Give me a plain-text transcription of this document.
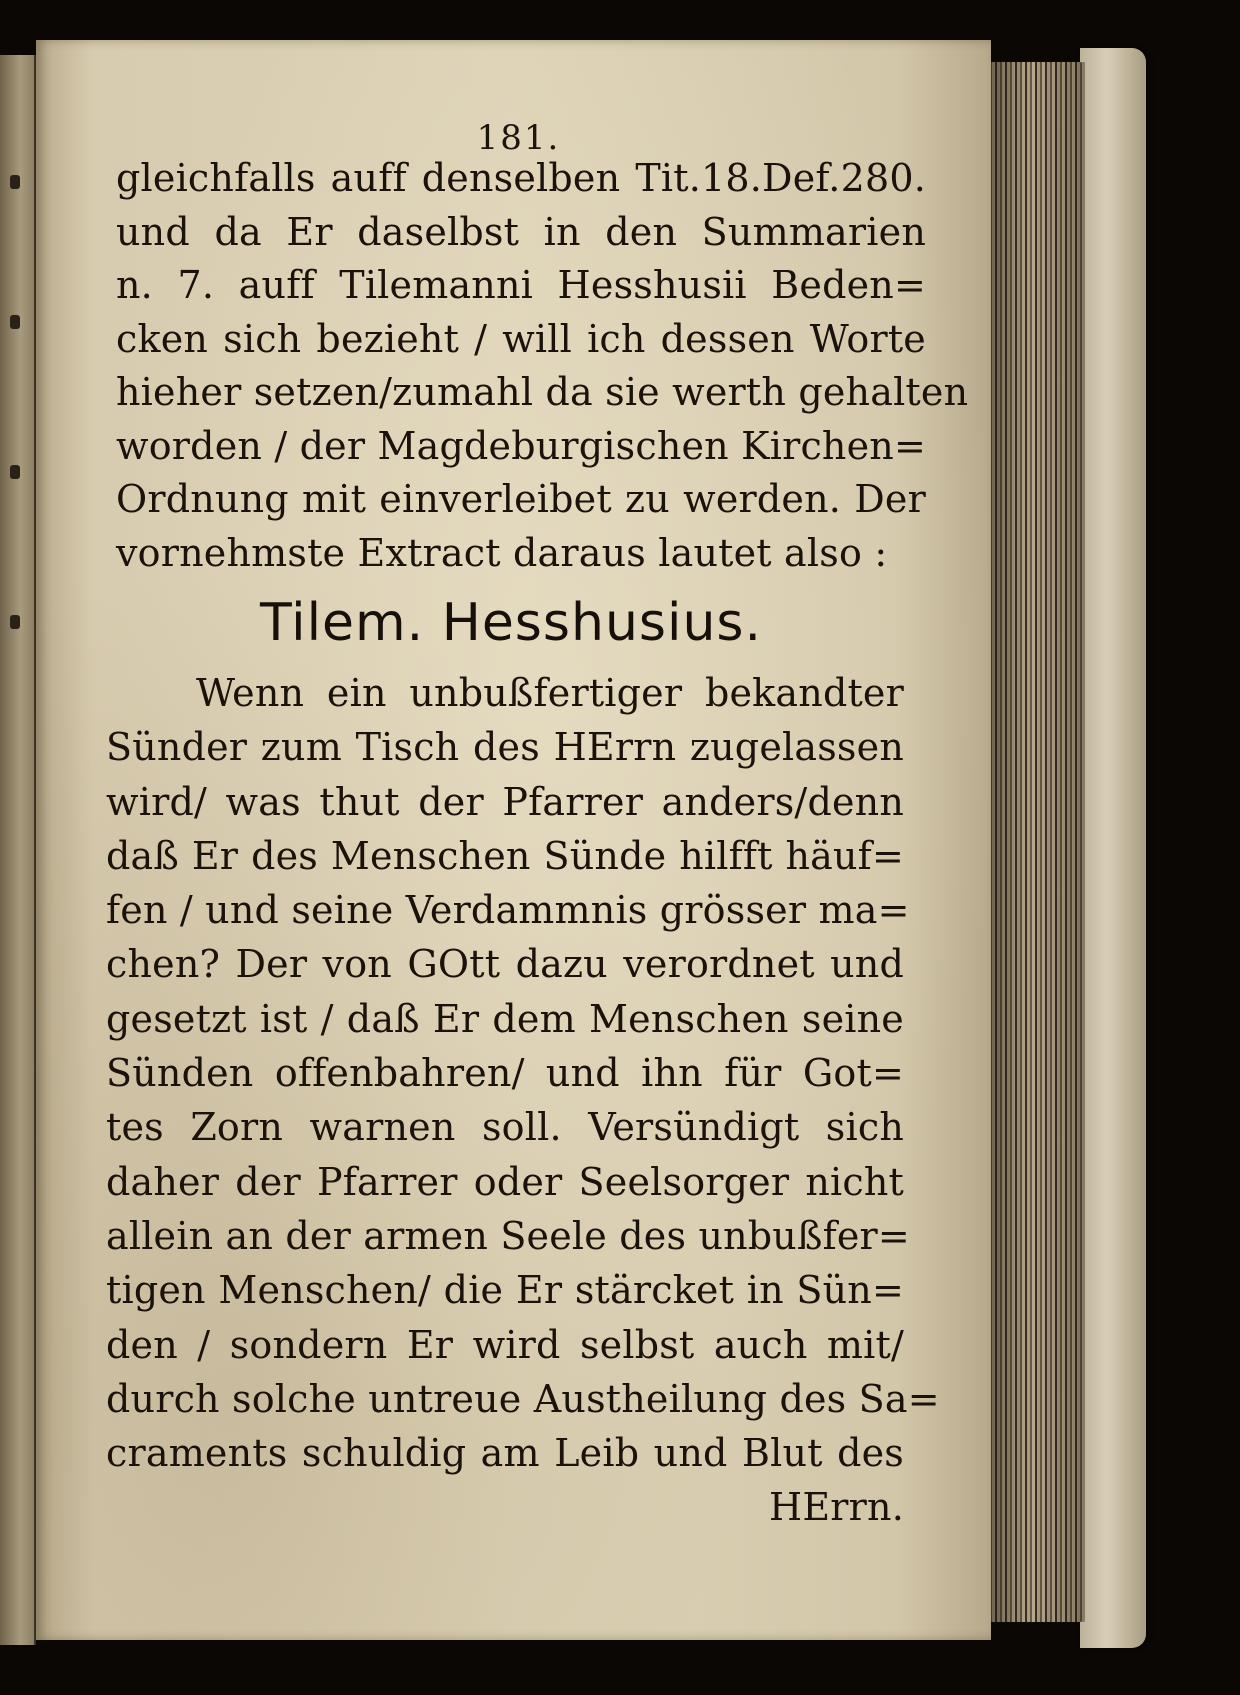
181.
gleichfalls auff denselben Tit.18.Def.280.
und da Er daselbst in den Summarien
n. 7. auff Tilemanni Hesshusii Beden=
cken sich bezieht / will ich dessen Worte
hieher setzen/zumahl da sie werth gehalten
worden / der Magdeburgischen Kirchen=
Ordnung mit einverleibet zu werden. Der
vornehmste Extract daraus lautet also :
Tilem. Hesshusius.
Wenn ein unbußfertiger bekandter
Sünder zum Tisch des HErrn zugelassen
wird/ was thut der Pfarrer anders/denn
daß Er des Menschen Sünde hilfft häuf=
fen / und seine Verdammnis grösser ma=
chen? Der von GOtt dazu verordnet und
gesetzt ist / daß Er dem Menschen seine
Sünden offenbahren/ und ihn für Got=
tes Zorn warnen soll. Versündigt sich
daher der Pfarrer oder Seelsorger nicht
allein an der armen Seele des unbußfer=
tigen Menschen/ die Er stärcket in Sün=
den / sondern Er wird selbst auch mit/
durch solche untreue Austheilung des Sa=
craments schuldig am Leib und Blut des
HErrn.
